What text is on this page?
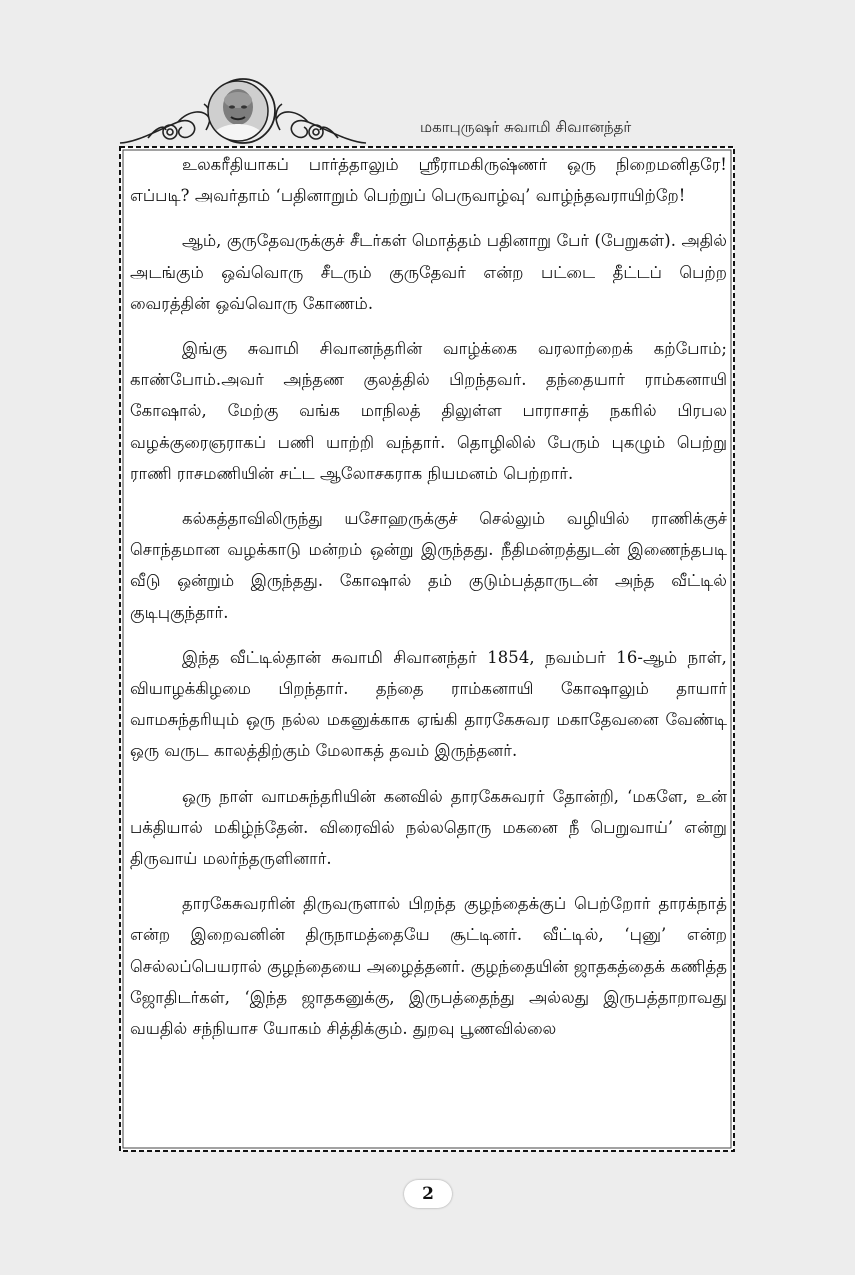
மகாபுருஷர் சுவாமி சிவானந்தர்

உலகரீதியாகப் பார்த்தாலும் ஸ்ரீராமகிருஷ்ணர் ஒரு நிறைமனிதரே! எப்படி? அவர்தாம் ‘பதினாறும் பெற்றுப் பெருவாழ்வு’ வாழ்ந்தவராயிற்றே!

ஆம், குருதேவருக்குச் சீடர்கள் மொத்தம் பதினாறு பேர் (பேறுகள்). அதில் அடங்கும் ஒவ்வொரு சீடரும் குருதேவர் என்ற பட்டை தீட்டப் பெற்ற வைரத்தின் ஒவ்வொரு கோணம்.

இங்கு சுவாமி சிவானந்தரின் வாழ்க்கை வரலாற்றைக் கற்போம்; காண்போம்.அவர் அந்தண குலத்தில் பிறந்தவர். தந்தையார் ராம்கனாயி கோஷால், மேற்கு வங்க மாநிலத் திலுள்ள பாராசாத் நகரில் பிரபல வழக்குரைஞராகப் பணி யாற்றி வந்தார். தொழிலில் பேரும் புகழும் பெற்று ராணி ராசமணியின் சட்ட ஆலோசகராக நியமனம் பெற்றார்.

கல்கத்தாவிலிருந்து யசோஹருக்குச் செல்லும் வழியில் ராணிக்குச் சொந்தமான வழக்காடு மன்றம் ஒன்று இருந்தது. நீதிமன்றத்துடன் இணைந்தபடி வீடு ஒன்றும் இருந்தது. கோஷால் தம் குடும்பத்தாருடன் அந்த வீட்டில் குடிபுகுந்தார்.

இந்த வீட்டில்தான் சுவாமி சிவானந்தர் 1854, நவம்பர் 16-ஆம் நாள், வியாழக்கிழமை பிறந்தார். தந்தை ராம்கனாயி கோஷாலும் தாயார் வாமசுந்தரியும் ஒரு நல்ல மகனுக்காக ஏங்கி தாரகேசுவர மகாதேவனை வேண்டி ஒரு வருட காலத்திற்கும் மேலாகத் தவம் இருந்தனர்.

ஒரு நாள் வாமசுந்தரியின் கனவில் தாரகேசுவரர் தோன்றி, ‘மகளே, உன் பக்தியால் மகிழ்ந்தேன். விரைவில் நல்லதொரு மகனை நீ பெறுவாய்’ என்று திருவாய் மலர்ந்தருளினார்.

தாரகேசுவரரின் திருவருளால் பிறந்த குழந்தைக்குப் பெற்றோர் தாரக்நாத் என்ற இறைவனின் திருநாமத்தையே சூட்டினர். வீட்டில், ‘புனு’ என்ற செல்லப்பெயரால் குழந்தையை அழைத்தனர். குழந்தையின் ஜாதகத்தைக் கணித்த ஜோதிடர்கள், ‘இந்த ஜாதகனுக்கு, இருபத்தைந்து அல்லது இருபத்தாறாவது வயதில் சந்நியாச யோகம் சித்திக்கும். துறவு பூணவில்லை

2
